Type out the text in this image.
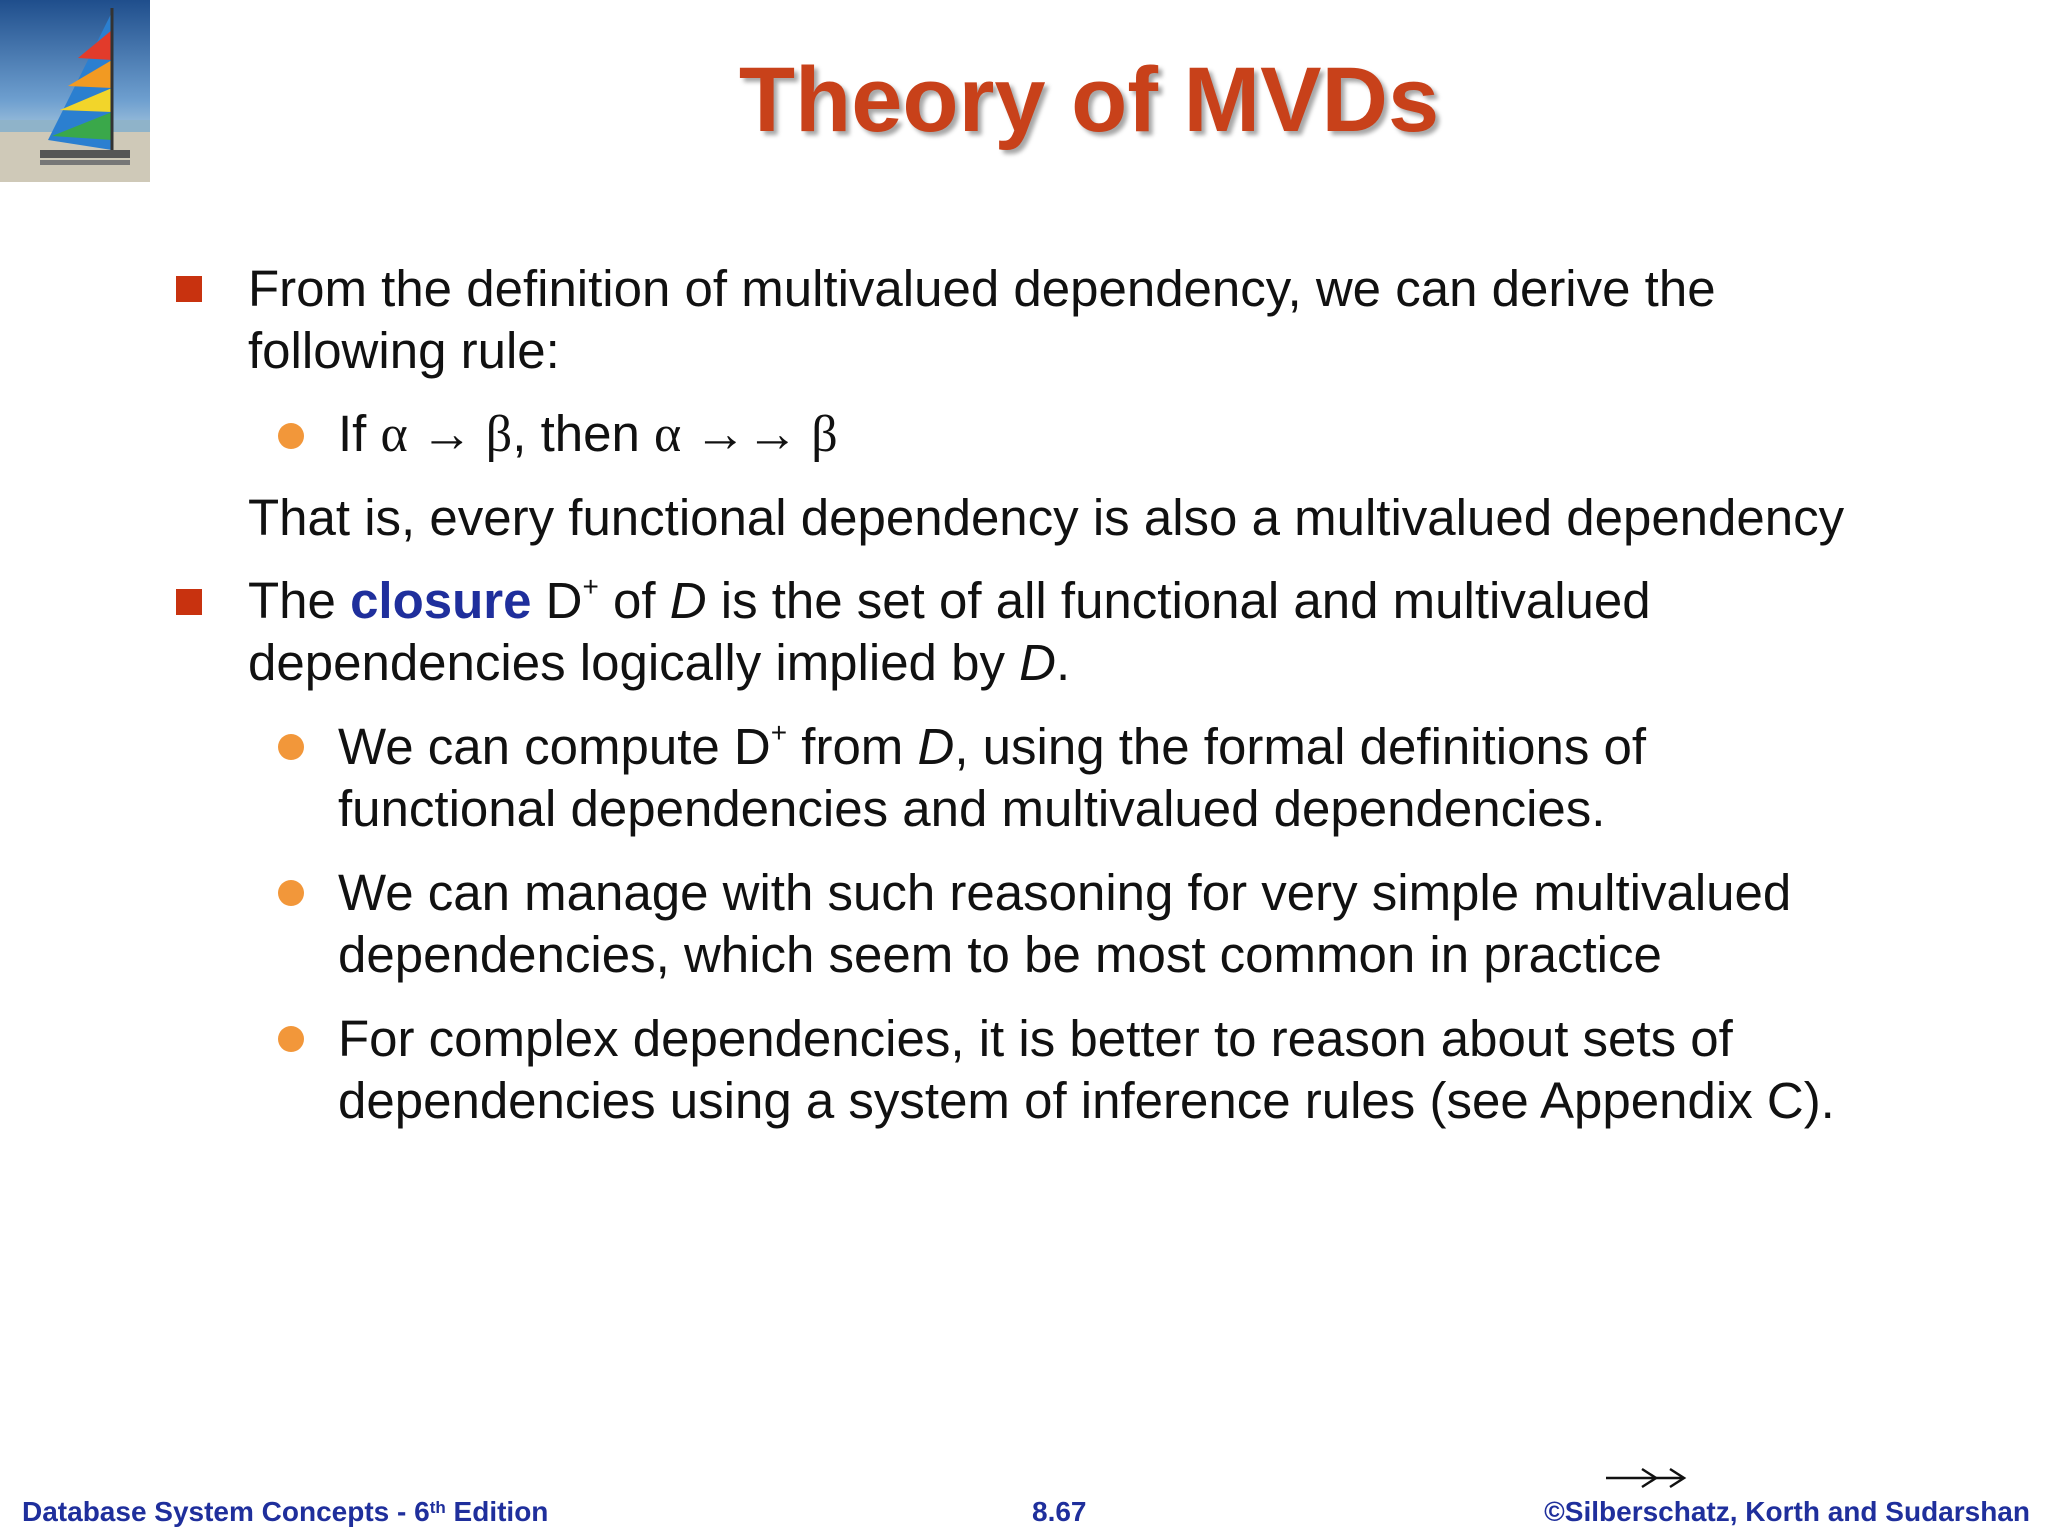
Theory of MVDs
From the definition of multivalued dependency, we can derive the
following rule:
If α → β, then α →→ β
That is, every functional dependency is also a multivalued dependency
The closure D+ of D is the set of all functional and multivalued
dependencies logically implied by D.
We can compute D+ from D, using the formal definitions of
functional dependencies and multivalued dependencies.
We can manage with such reasoning for very simple multivalued
dependencies, which seem to be most common in practice
For complex dependencies, it is better to reason about sets of
dependencies using a system of inference rules (see Appendix C).
Database System Concepts - 6th Edition	8.67	©Silberschatz, Korth and Sudarshan
